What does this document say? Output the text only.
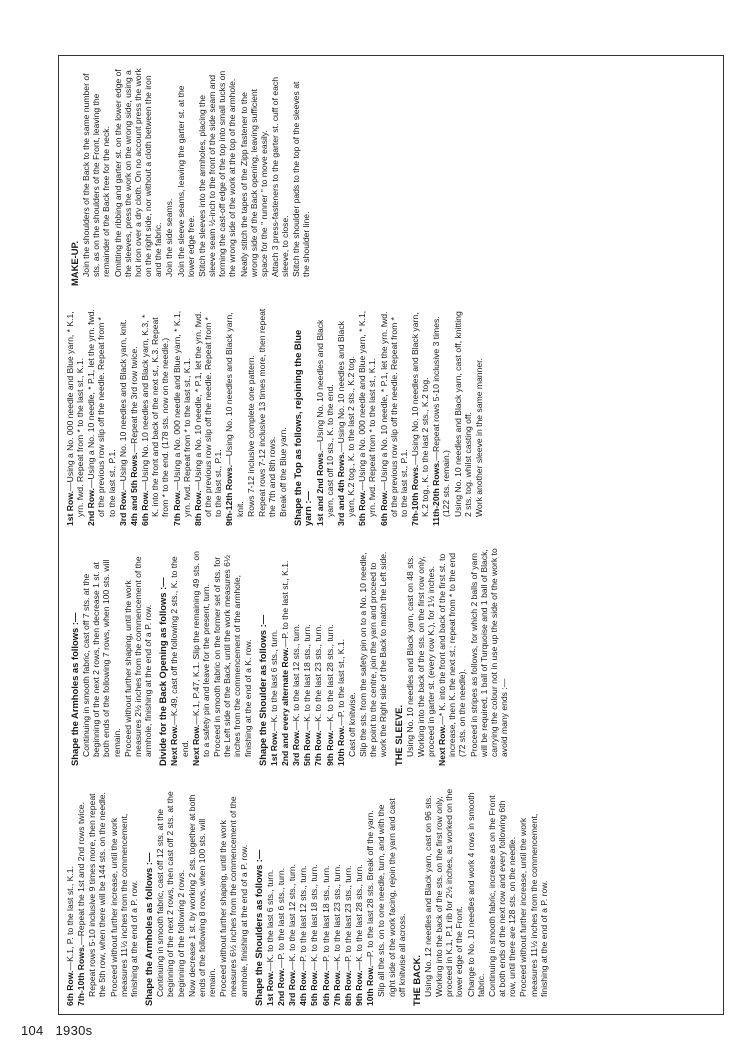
6th Row.—K.1, P. to the last st., K.1.

7th-10th Rows.—Repeat the 1st and 2nd rows twice. Repeat rows 5-10 inclusive 9 times more, then repeat the 5th row, when there will be 144 sts. on the needle. Proceed without further increase, until the work measures 11½ inches from the commencement, finishing at the end of a P. row. Shape the Armholes as follows :— Continuing in smooth fabric, cast off 12 sts. at the beginning of the next 2 rows, then cast off 2 sts. at the beginning of the following 2 rows. Now decrease 1 st. by working 2 sts. together at both ends of the following 8 rows, when 100 sts. will remain. Proceed without further shaping, until the work measures 6½ inches from the commencement of the armhole, finishing at the end of a P. row. Shape the Shoulders as follows :—

1st Row.—K. to the last 6 sts., turn.

2nd Row.—P. to the last 6 sts., turn.

3rd Row.—K. to the last 12 sts., turn.

4th Row.—P. to the last 12 sts., turn.

5th Row.—K. to the last 18 sts., turn.

6th Row.—P. to the last 18 sts., turn.

7th Row.—K. to the last 23 sts., turn.

8th Row.—P. to the last 23 sts., turn.

9th Row.—K. to the last 28 sts., turn.

10th Row.—P. to the last 28 sts. Break off the yarn. Slip all the sts. on to one needle, turn, and with the right side of the work facing, rejoin the yarn and cast off knitwise all across. THE BACK. Using No. 12 needles and Black yarn, cast on 96 sts. Working into the back of the sts. on the first row only, proceed in K.1, P.1 rib for 2½ inches, as worked on the lower edge of the Front. Change to No. 10 needles and work 4 rows in smooth fabric. Continuing in smooth fabric, increase as on the Front at both ends of the next row and every following 6th row, until there are 128 sts. on the needle. Proceed without further increase, until the work measures 11½ inches from the commencement, finishing at the end of a P. row.

Shape the Armholes as follows :— Continuing in smooth fabric, cast off 7 sts. at the beginning of the next 2 rows, then decrease 1 st. at both ends of the following 7 rows, when 100 sts. will remain. Proceed without further shaping, until the work measures 2½ inches from the commencement of the armhole, finishing at the end of a P. row. Divide for the Back Opening as follows :—

Next Row.—K.49, cast off the following 2 sts., K. to the end. Next Row.—K.1, P.47, K.1. Slip the remaining 49 sts. on to a safety pin and leave for the present, turn. Proceed in smooth fabric on the former set of sts. for the Left side of the Back, until the work measures 6½ inches from the commencement of the armhole, finishing at the end of a K. row. Shape the Shoulder as follows :—

1st Row.—K. to the last 6 sts., turn. 2nd and every alternate Row.—P. to the last st., K.1.

3rd Row.—K. to the last 12 sts., turn.

5th Row.—K. to the last 18 sts., turn.

7th Row.—K. to the last 23 sts., turn.

9th Row.—K. to the last 28 sts., turn.

10th Row.—P. to the last st., K.1. Cast off knitwise. Slip the sts. from the safety pin on to a No. 10 needle, the point to the centre, join the yarn and proceed to work the Right side of the Back to match the Left side. THE SLEEVE. Using No. 10 needles and Black yarn, cast on 48 sts. Working into the back of the sts. on the first row only, proceed in garter st. (every row K.), for 1½ inches. Next Row.—* K. into the front and back of the first st. to increase, then K. the next st.; repeat from * to the end (72 sts. on the needle). Proceed in stripes as follows, for which 2 balls of yarn will be required, 1 ball of Turquoise and 1 ball of Black, carrying the colour not in use up the side of the work to avoid many ends :—

1st Row.—Using a No. 000 needle and Blue yarn, * K.1, yrn. fwd. Repeat from * to the last st., K.1. 2nd Row.—Using a No. 10 needle, * P.1, let the yrn. fwd. of the previous row slip off the needle. Repeat from * to the last st., P.1. 3rd Row.—Using No. 10 needles and Black yarn, knit. 4th and 5th Rows.—Repeat the 3rd row twice.

6th Row.—Using No. 10 needles and Black yarn, K.3, * K. into the front and back of the next st., K.3. Repeat from * to the end. (178 sts. now on the needle.) 7th Row.—Using a No. 000 needle and Blue yarn, * K.1, yrn. fwd. Repeat from * to the last st., K.1. 8th Row.—Using a No. 10 needle, * P.1, let the yrn. fwd. of the previous row slip off the needle. Repeat from * to the last st., P.1. 9th-12th Rows.—Using No. 10 needles and Black yarn, knit. Rows 7-12 inclusive complete one pattern. Repeat rows 7-12 inclusive 13 times more, then repeat the 7th and 8th rows. Break off the Blue yarn. Shape the Top as follows, rejoining the Blue yarn :— 1st and 2nd Rows.—Using No. 10 needles and Black yarn, cast off 10 sts., K. to the end. 3rd and 4th Rows.—Using No. 10 needles and Black yarn, K.2 tog., K. to the last 2 sts., K.2 tog. 5th Row.—Using a No. 000 needle and Blue yarn, * K.1, yrn. fwd. Repeat from * to the last st., K.1. 6th Row.—Using a No. 10 needle, * P.1, let the yrn. fwd. of the previous row slip off the needle. Repeat from * to the last st., P.1. 7th-10th Rows.—Using No. 10 needles and Black yarn, K.2 tog., K. to the last 2 sts., K.2 tog. 11th-20th Rows.—Repeat rows 5-10 inclusive 3 times. (122 sts. remain.) Using No. 10 needles and Black yarn, cast off, knitting 2 sts. tog. whilst casting off. Work another sleeve in the same manner.

MAKE-UP. Join the shoulders of the Back to the same number of sts. as on the shoulders of the Front, leaving the remainder of the Back free for the neck. Omitting the ribbing and garter st. on the lower edge of the sleeves, press the work on the wrong side, using a hot iron over a dry cloth. On no account press the work on the right side, nor without a cloth between the iron and the fabric. Join the side seams. Join the sleeve seams, leaving the garter st. at the lower edge free. Stitch the sleeves into the armholes, placing the sleeve seam ½-inch to the front of the side seam and forming the cast-off edge of the top into small tucks on the wrong side of the work at the top of the armhole. Neatly stitch the tapes of the Zipp fastener to the wrong side of the Back opening, leaving sufficient space for the " runner " to move easily. Attach 3 press-fasteners to the garter st. cuff of each sleeve, to close. Stitch the shoulder pads to the top of the sleeves at the shoulder line.

104 1930s
